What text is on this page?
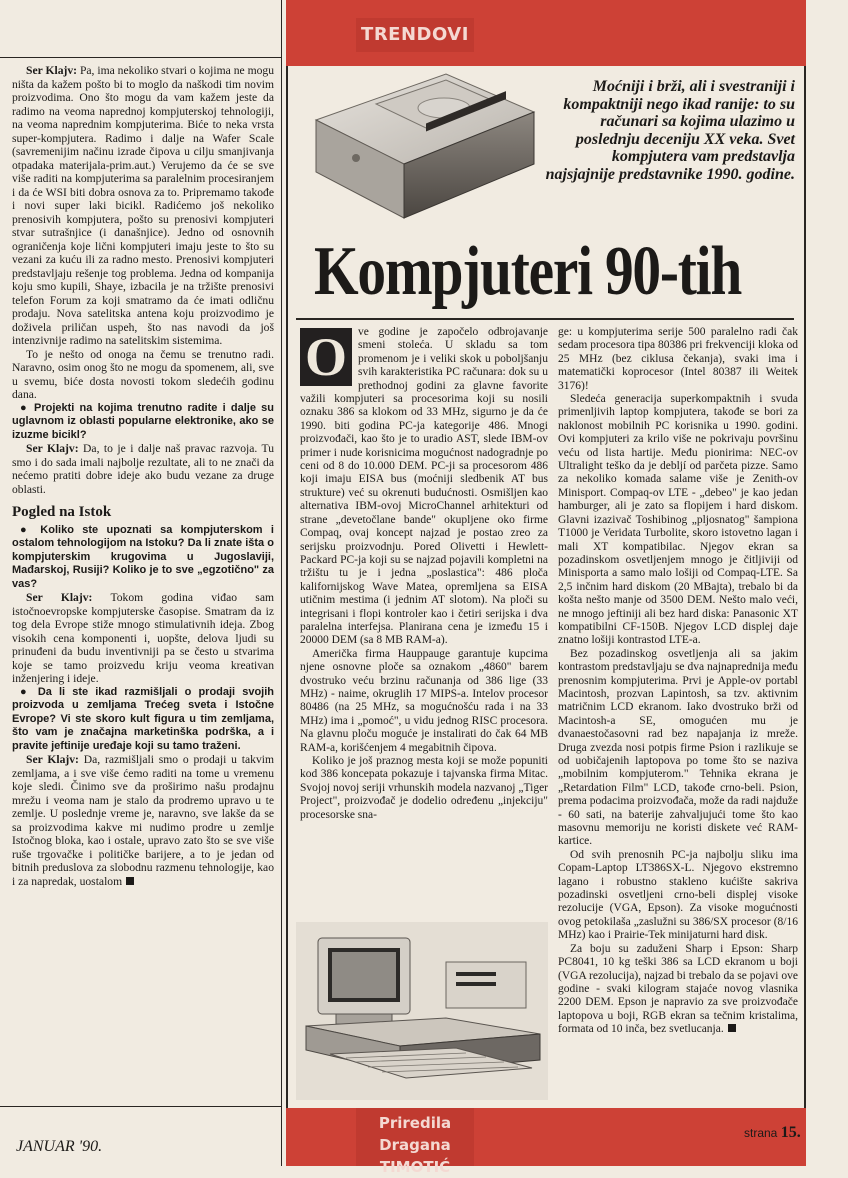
Ser Klajv: Pa, ima nekoliko stvari o kojima ne mogu ništa da kažem pošto bi to moglo da naškodi tim novim proizvodima. Ono što mogu da vam kažem jeste da radimo na veoma naprednoj kompjuterskoj tehnologiji, na veoma naprednim kompjuterima. Biće to neka vrsta super-kompjutera. Radimo i dalje na Wafer Scale (savremenijim načinu izrade čipova u cilju smanjivanja otpadaka materijala-prim.aut.) Verujemo da će se sve više raditi na kompjuterima sa paralelnim procesiranjem i da će WSI biti dobra osnova za to. Pripremamo takođe i novi super laki bicikl. Radićemo još nekoliko prenosivih kompjutera, pošto su prenosivi kompjuteri stvar sutrašnjice (i današnjice). Jedno od osnovnih ograničenja koje lični kompjuteri imaju jeste to što su vezani za kuću ili za radno mesto. Prenosivi kompjuteri predstavljaju rešenje tog problema. Jedna od kompanija koju smo kupili, Shaye, izbacila je na tržište prenosivi telefon Forum za koji smatramo da će imati odličnu prodaju. Nova satelitska antena koju proizvodimo je doživela priličan uspeh, što nas navodi da još intenzivnije radimo na satelitskim sistemima.

To je nešto od onoga na čemu se trenutno radi. Naravno, osim onog što ne mogu da spomenem, ali, sve u svemu, biće dosta novosti tokom sledećih godinu dana.

● Projekti na kojima trenutno radite i dalje su uglavnom iz oblasti popularne elektronike, ako se izuzme bicikl?

Ser Klajv: Da, to je i dalje naš pravac razvoja. Tu smo i do sada imali najbolje rezultate, ali to ne znači da nećemo pratiti dobre ideje ako budu vezane za druge oblasti.

Pogled na Istok

● Koliko ste upoznati sa kompjuterskom i ostalom tehnologijom na Istoku? Da li znate išta o kompjuterskim krugovima u Jugoslaviji, Mađarskoj, Rusiji? Koliko je to sve „egzotično" za vas?

Ser Klajv: Tokom godina viđao sam istočnoevropske kompjuterske časopise. Smatram da iz tog dela Evrope stiže mnogo stimulativnih ideja. Zbog visokih cena komponenti i, uopšte, delova ljudi su prinuđeni da budu inventivniji pa se često u stvarima koje se tamo proizvedu kriju veoma kreativan inženjering i ideje.

● Da li ste ikad razmišljali o prodaji svojih proizvoda u zemljama Trećeg sveta i Istočne Evrope? Vi ste skoro kult figura u tim zemljama, što vam je značajna marketinška podrška, a i pravite jeftinije uređaje koji su tamo traženi.

Ser Klajv: Da, razmišljali smo o prodaji u takvim zemljama, a i sve više ćemo raditi na tome u vremenu koje sledi. Činimo sve da proširimo našu prodajnu mrežu i veoma nam je stalo da prodremo upravo u te zemlje. U poslednje vreme je, naravno, sve lakše da se sa proizvodima kakve mi nudimo prodre u zemlje Istočnog bloka, kao i ostale, upravo zato što se sve više ruše trgovačke i političke barijere, a to je jedan od bitnih preduslova za slobodnu razmenu tehnologije, kao i za napredak, uostalom

JANUAR '90.
TRENDOVI
Moćniji i brži, ali i svestraniji i kompaktniji nego ikad ranije: to su računari sa kojima ulazimo u poslednju deceniju XX veka. Svet kompjutera vam predstavlja najsjajnije predstavnike 1990. godine.
Kompjuteri 90-tih

O ve godine je započelo odbrojavanje smeni stoleća. U skladu sa tom promenom je i veliki skok u poboljšanju svih karakteristika PC računara: dok su u prethodnoj godini za glavne favorite važili kompjuteri sa procesorima koji su nosili oznaku 386 sa klokom od 33 MHz, sigurno je da će 1990. biti godina PC-ja kategorije 486. Mnogi proizvođači, kao što je to uradio AST, slede IBM-ov primer i nude korisnicima mogućnost nadogradnje po ceni od 8 do 10.000 DEM. PC-ji sa procesorom 486 koji imaju EISA bus (moćniji sledbenik AT bus strukture) već su okrenuti budućnosti. Osmišljen kao alternativa IBM-ovoj MicroChannel arhitekturi od strane „devetočlane bande" okupljene oko firme Compaq, ovaj koncept najzad je postao zreo za serijsku proizvodnju. Pored Olivetti i Hewlett-Packard PC-ja koji su se najzad pojavili kompletni na tržištu tu je i jedna „poslastica": 486 ploča kalifornijskog Wave Matea, opremljena sa EISA utičnim mestima (i jednim AT slotom). Na ploči su integrisani i flopi kontroler kao i četiri serijska i dva paralelna interfejsa. Planirana cena je između 15 i 20000 DEM (sa 8 MB RAM-a).

Američka firma Hauppauge garantuje kupcima njene osnovne ploče sa oznakom „4860" barem dvostruko veću brzinu računanja od 386 lige (33 MHz) - naime, okruglih 17 MIPS-a. Intelov procesor 80486 (na 25 MHz, sa mogućnošću rada i na 33 MHz) ima i „pomoć", u vidu jednog RISC procesora. Na glavnu ploču moguće je instalirati do čak 64 MB RAM-a, korišćenjem 4 megabitnih čipova.

Koliko je još praznog mesta koji se može popuniti kod 386 koncepata pokazuje i tajvanska firma Mitac. Svojoj novoj seriji vrhunskih modela nazvanoj „Tiger Project", proizvođač je dodelio određenu „injekciju" procesorske sna-

ge: u kompjuterima serije 500 paralelno radi čak sedam procesora tipa 80386 pri frekvenciji kloka od 25 MHz (bez ciklusa čekanja), svaki ima i matematički koprocesor (Intel 80387 ili Weitek 3176)!

Sledeća generacija superkompaktnih i svuda primenljivih laptop kompjutera, takođe se bori za naklonost mobilnih PC korisnika u 1990. godini. Ovi kompjuteri za krilo više ne pokrivaju površinu veću od lista hartije. Među pionirima: NEC-ov Ultralight teško da je debljí od parčeta pizze. Samo za nekoliko komada salame više je Zenith-ov Minisport. Compaq-ov LTE - „debeo" je kao jedan hamburger, ali je zato sa flopijem i hard diskom. Glavni izazivač Toshibinog „pljosnatog" šampiona T1000 je Veridata Turbolite, skoro istovetno lagan i mali XT kompatibilac. Njegov ekran sa pozadinskom osvetljenjem mnogo je čitljiviji od Minisporta a samo malo lošiji od Compaq-LTE. Sa 2,5 inčnim hard diskom (20 MBajta), trebalo bi da košta nešto manje od 3500 DEM. Nešto malo veći, ne mnogo jeftiniji ali bez hard diska: Panasonic XT kompatibilni CF-150B. Njegov LCD displej daje znatno lošiji kontrastod LTE-a.

Bez pozadinskog osvetljenja ali sa jakim kontrastom predstavljaju se dva najnaprednija među prenosnim kompjuterima. Prvi je Apple-ov portabl Macintosh, prozvan Lapintosh, sa tzv. aktivnim matričnim LCD ekranom. Iako dvostruko brži od Macintosh-a SE, omogućen mu je dvanaestočasovni rad bez napajanja iz mreže. Druga zvezda nosi potpis firme Psion i razlikuje se od uobičajenih laptopova po tome što se naziva „mobilnim kompjuterom." Tehnika ekrana je „Retardation Film" LCD, takođe crno-beli. Psion, prema podacima proizvođača, može da radi najduže - 60 sati, na baterije zahvaljujući tome što kao masovnu memoriju ne koristi diskete već RAM-kartice.

Od svih prenosnih PC-ja najbolju sliku ima Copam-Laptop LT386SX-L. Njegovo ekstremno lagano i robustno stakleno kućište sakriva pozadinski osvetljeni crno-beli displej visoke rezolucije (VGA, Epson). Za visoke mogućnosti ovog petokilaša „zaslužni su 386/SX procesor (8/16 MHz) kao i Prairie-Tek minijaturni hard disk.

Za boju su zaduženi Sharp i Epson: Sharp PC8041, 10 kg teški 386 sa LCD ekranom u boji (VGA rezolucija), najzad bi trebalo da se pojavi ove godine - svaki kilogram stajaće novog vlasnika 2200 DEM. Epson je napravio za sve proizvođače laptopova u boji, RGB ekran sa tečnim kristalima, formata od 10 inča, bez svetlucanja.

Priredila
Dragana TIMOTIĆ
strana 15.
